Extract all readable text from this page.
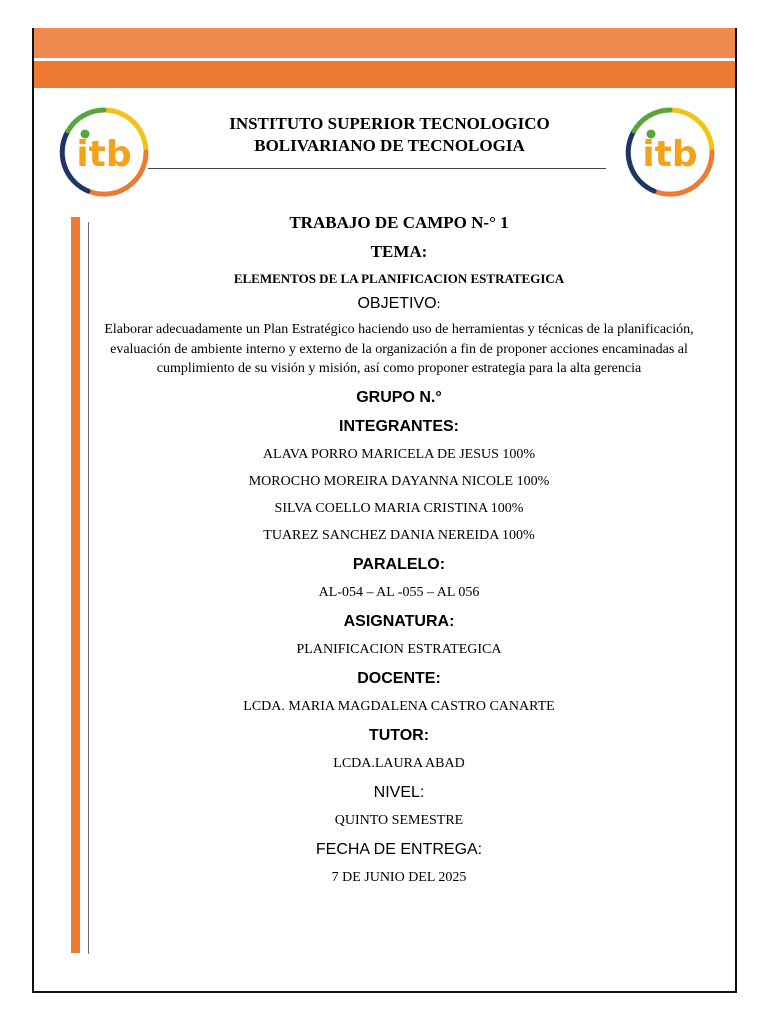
itb	itb
INSTITUTO SUPERIOR TECNOLOGICO
BOLIVARIANO DE TECNOLOGIA
TRABAJO DE CAMPO N-° 1
TEMA:
ELEMENTOS DE LA PLANIFICACION ESTRATEGICA
OBJETIVO:
Elaborar adecuadamente un Plan Estratégico haciendo uso de herramientas y técnicas de la planificación, evaluación de ambiente interno y externo de la organización a fin de proponer acciones encaminadas al cumplimiento de su visión y misión, así como proponer estrategia para la alta gerencia
GRUPO N.°
INTEGRANTES:
ALAVA PORRO MARICELA DE JESUS 100%
MOROCHO MOREIRA DAYANNA NICOLE 100%
SILVA COELLO MARIA CRISTINA 100%
TUAREZ SANCHEZ DANIA NEREIDA 100%
PARALELO:
AL-054 – AL -055 – AL 056
ASIGNATURA:
PLANIFICACION ESTRATEGICA
DOCENTE:
LCDA. MARIA MAGDALENA CASTRO CANARTE
TUTOR:
LCDA.LAURA ABAD
NIVEL:
QUINTO SEMESTRE
FECHA DE ENTREGA:
7 DE JUNIO DEL 2025
